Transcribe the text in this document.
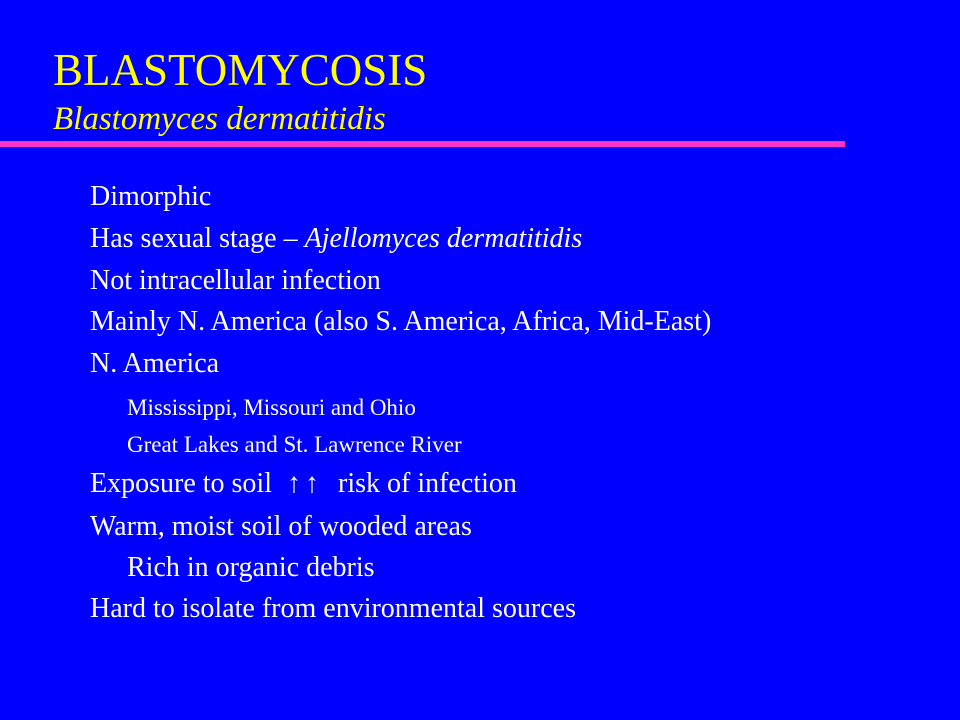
BLASTOMYCOSIS
Blastomyces dermatitidis
Dimorphic
Has sexual stage – Ajellomyces dermatitidis
Not intracellular infection
Mainly N. America (also S. America, Africa, Mid-East)
N. America
Mississippi, Missouri and Ohio
Great Lakes and St. Lawrence River
Exposure to soil ↑↑ risk of infection
Warm, moist soil of wooded areas
Rich in organic debris
Hard to isolate from environmental sources
